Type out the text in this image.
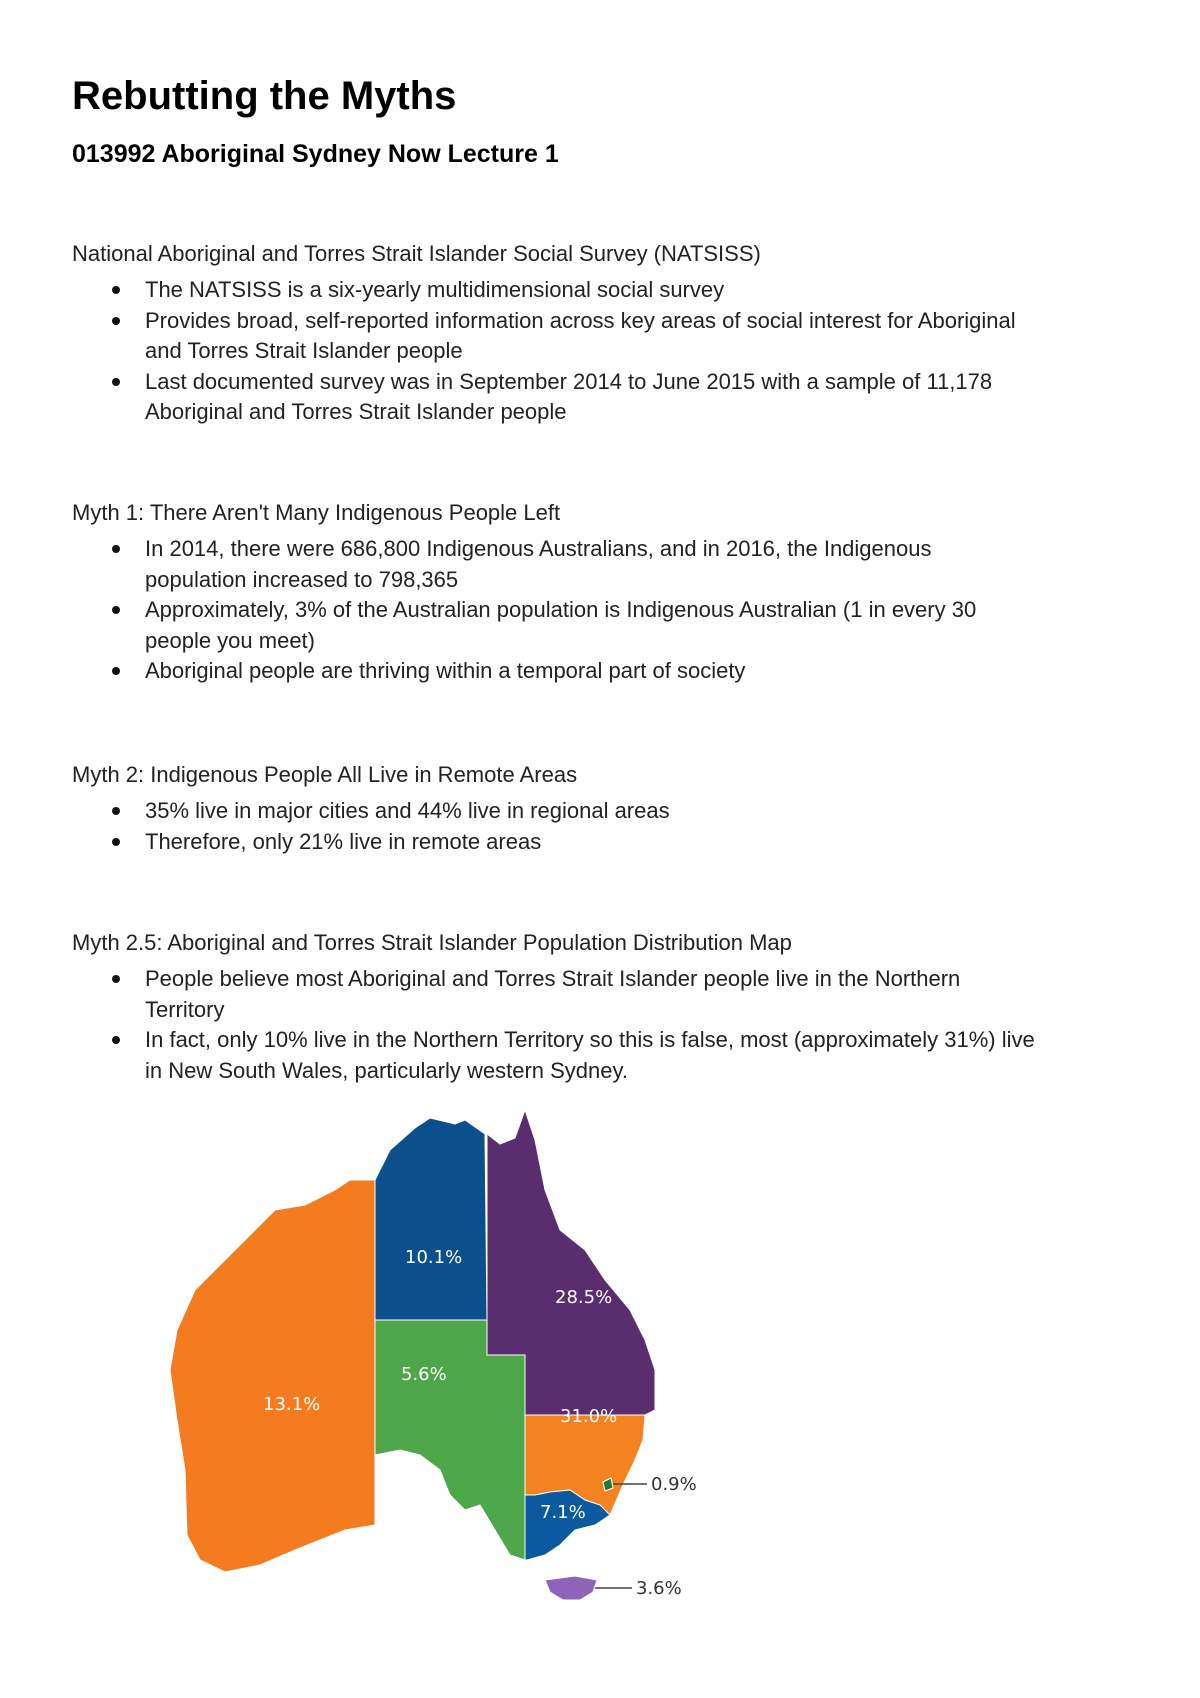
Rebutting the Myths
013992 Aboriginal Sydney Now Lecture 1

National Aboriginal and Torres Strait Islander Social Survey (NATSISS)

The NATSISS is a six-yearly multidimensional social survey
Provides broad, self-reported information across key areas of social interest for Aboriginal
and Torres Strait Islander people
Last documented survey was in September 2014 to June 2015 with a sample of 11,178
Aboriginal and Torres Strait Islander people

Myth 1: There Aren't Many Indigenous People Left

In 2014, there were 686,800 Indigenous Australians, and in 2016, the Indigenous
population increased to 798,365
Approximately, 3% of the Australian population is Indigenous Australian (1 in every 30
people you meet)
Aboriginal people are thriving within a temporal part of society

Myth 2: Indigenous People All Live in Remote Areas

35% live in major cities and 44% live in regional areas
Therefore, only 21% live in remote areas

Myth 2.5: Aboriginal and Torres Strait Islander Population Distribution Map

People believe most Aboriginal and Torres Strait Islander people live in the Northern
Territory
In fact, only 10% live in the Northern Territory so this is false, most (approximately 31%) live
in New South Wales, particularly western Sydney.
13.1%
10.1%
28.5%
5.6%
31.0%
7.1%
0.9%
3.6%
